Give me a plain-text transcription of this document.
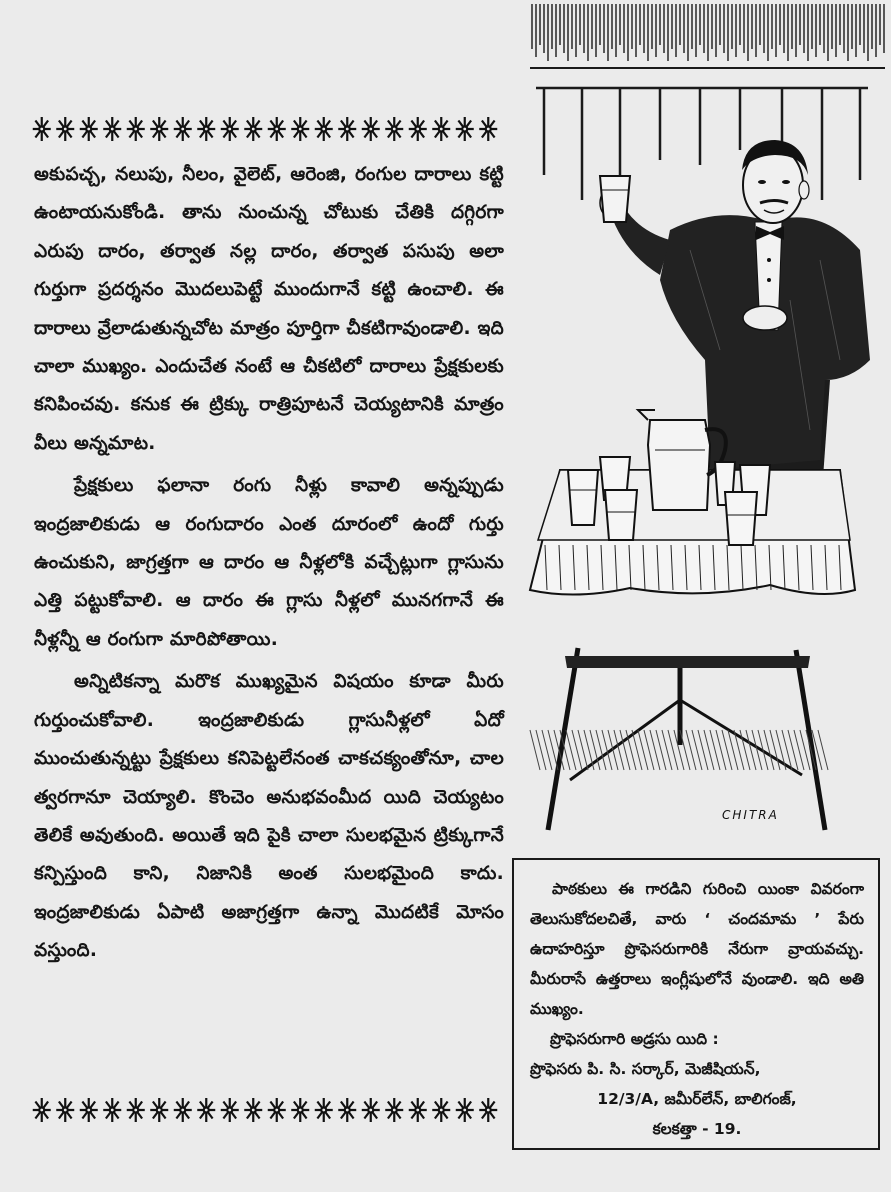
అకుపచ్చ, నలుపు, నీలం, వైలెట్, ఆరెంజి, రంగుల దారాలు కట్టి ఉంటాయనుకోండి. తాను నుంచున్న చోటుకు చేతికి దగ్గిరగా ఎరుపు దారం, తర్వాత నల్ల దారం, తర్వాత పసుపు అలా గుర్తుగా ప్రదర్శనం మొదలుపెట్టే ముందుగానే కట్టి ఉంచాలి. ఈ దారాలు వ్రేలాడుతున్నచోట మాత్రం పూర్తిగా చీకటిగావుండాలి. ఇది చాలా ముఖ్యం. ఎందుచేత నంటే ఆ చీకటిలో దారాలు ప్రేక్షకులకు కనిపించవు. కనుక ఈ ట్రిక్కు రాత్రిపూటనే చెయ్యటానికి మాత్రం వీలు అన్నమాట.

ప్రేక్షకులు ఫలానా రంగు నీళ్లు కావాలి అన్నప్పుడు ఇంద్రజాలికుడు ఆ రంగుదారం ఎంత దూరంలో ఉందో గుర్తు ఉంచుకుని, జాగ్రత్తగా ఆ దారం ఆ నీళ్లలోకి వచ్చేట్లుగా గ్లాసును ఎత్తి పట్టుకోవాలి. ఆ దారం ఈ గ్లాసు నీళ్లలో మునగగానే ఈ నీళ్లన్నీ ఆ రంగుగా మారిపోతాయి.

అన్నిటికన్నా మరొక ముఖ్యమైన విషయం కూడా మీరు గుర్తుంచుకోవాలి. ఇంద్రజాలికుడు గ్లాసునీళ్లలో ఏదో ముంచుతున్నట్టు ప్రేక్షకులు కనిపెట్టలేనంత చాకచక్యంతోనూ, చాల త్వరగానూ చెయ్యాలి. కొంచెం అనుభవంమీద యిది చెయ్యటం తెలికే అవుతుంది. అయితే ఇది పైకి చాలా సులభమైన ట్రిక్కుగానే కన్పిస్తుంది కాని, నిజానికి అంత సులభమైంది కాదు. ఇంద్రజాలికుడు ఏపాటి అజాగ్రత్తగా ఉన్నా మొదటికే మోసం వస్తుంది.

CHITRA

పాఠకులు ఈ గారడిని గురించి యింకా వివరంగా తెలుసుకోదలచితే, వారు ‘ చందమామ ’ పేరు ఉదాహరిస్తూ ప్రొఫెసరుగారికి నేరుగా వ్రాయవచ్చు. మీరురాసే ఉత్తరాలు ఇంగ్లీషులోనే వుండాలి. ఇది అతి ముఖ్యం.

ప్రొఫెసరుగారి అడ్రసు యిది :

ప్రొఫెసరు పి. సి. సర్కార్, మెజీషియన్,

12/3/A, జమీర్‌లేన్, బాలిగంజ్,

కలకత్తా - 19.
